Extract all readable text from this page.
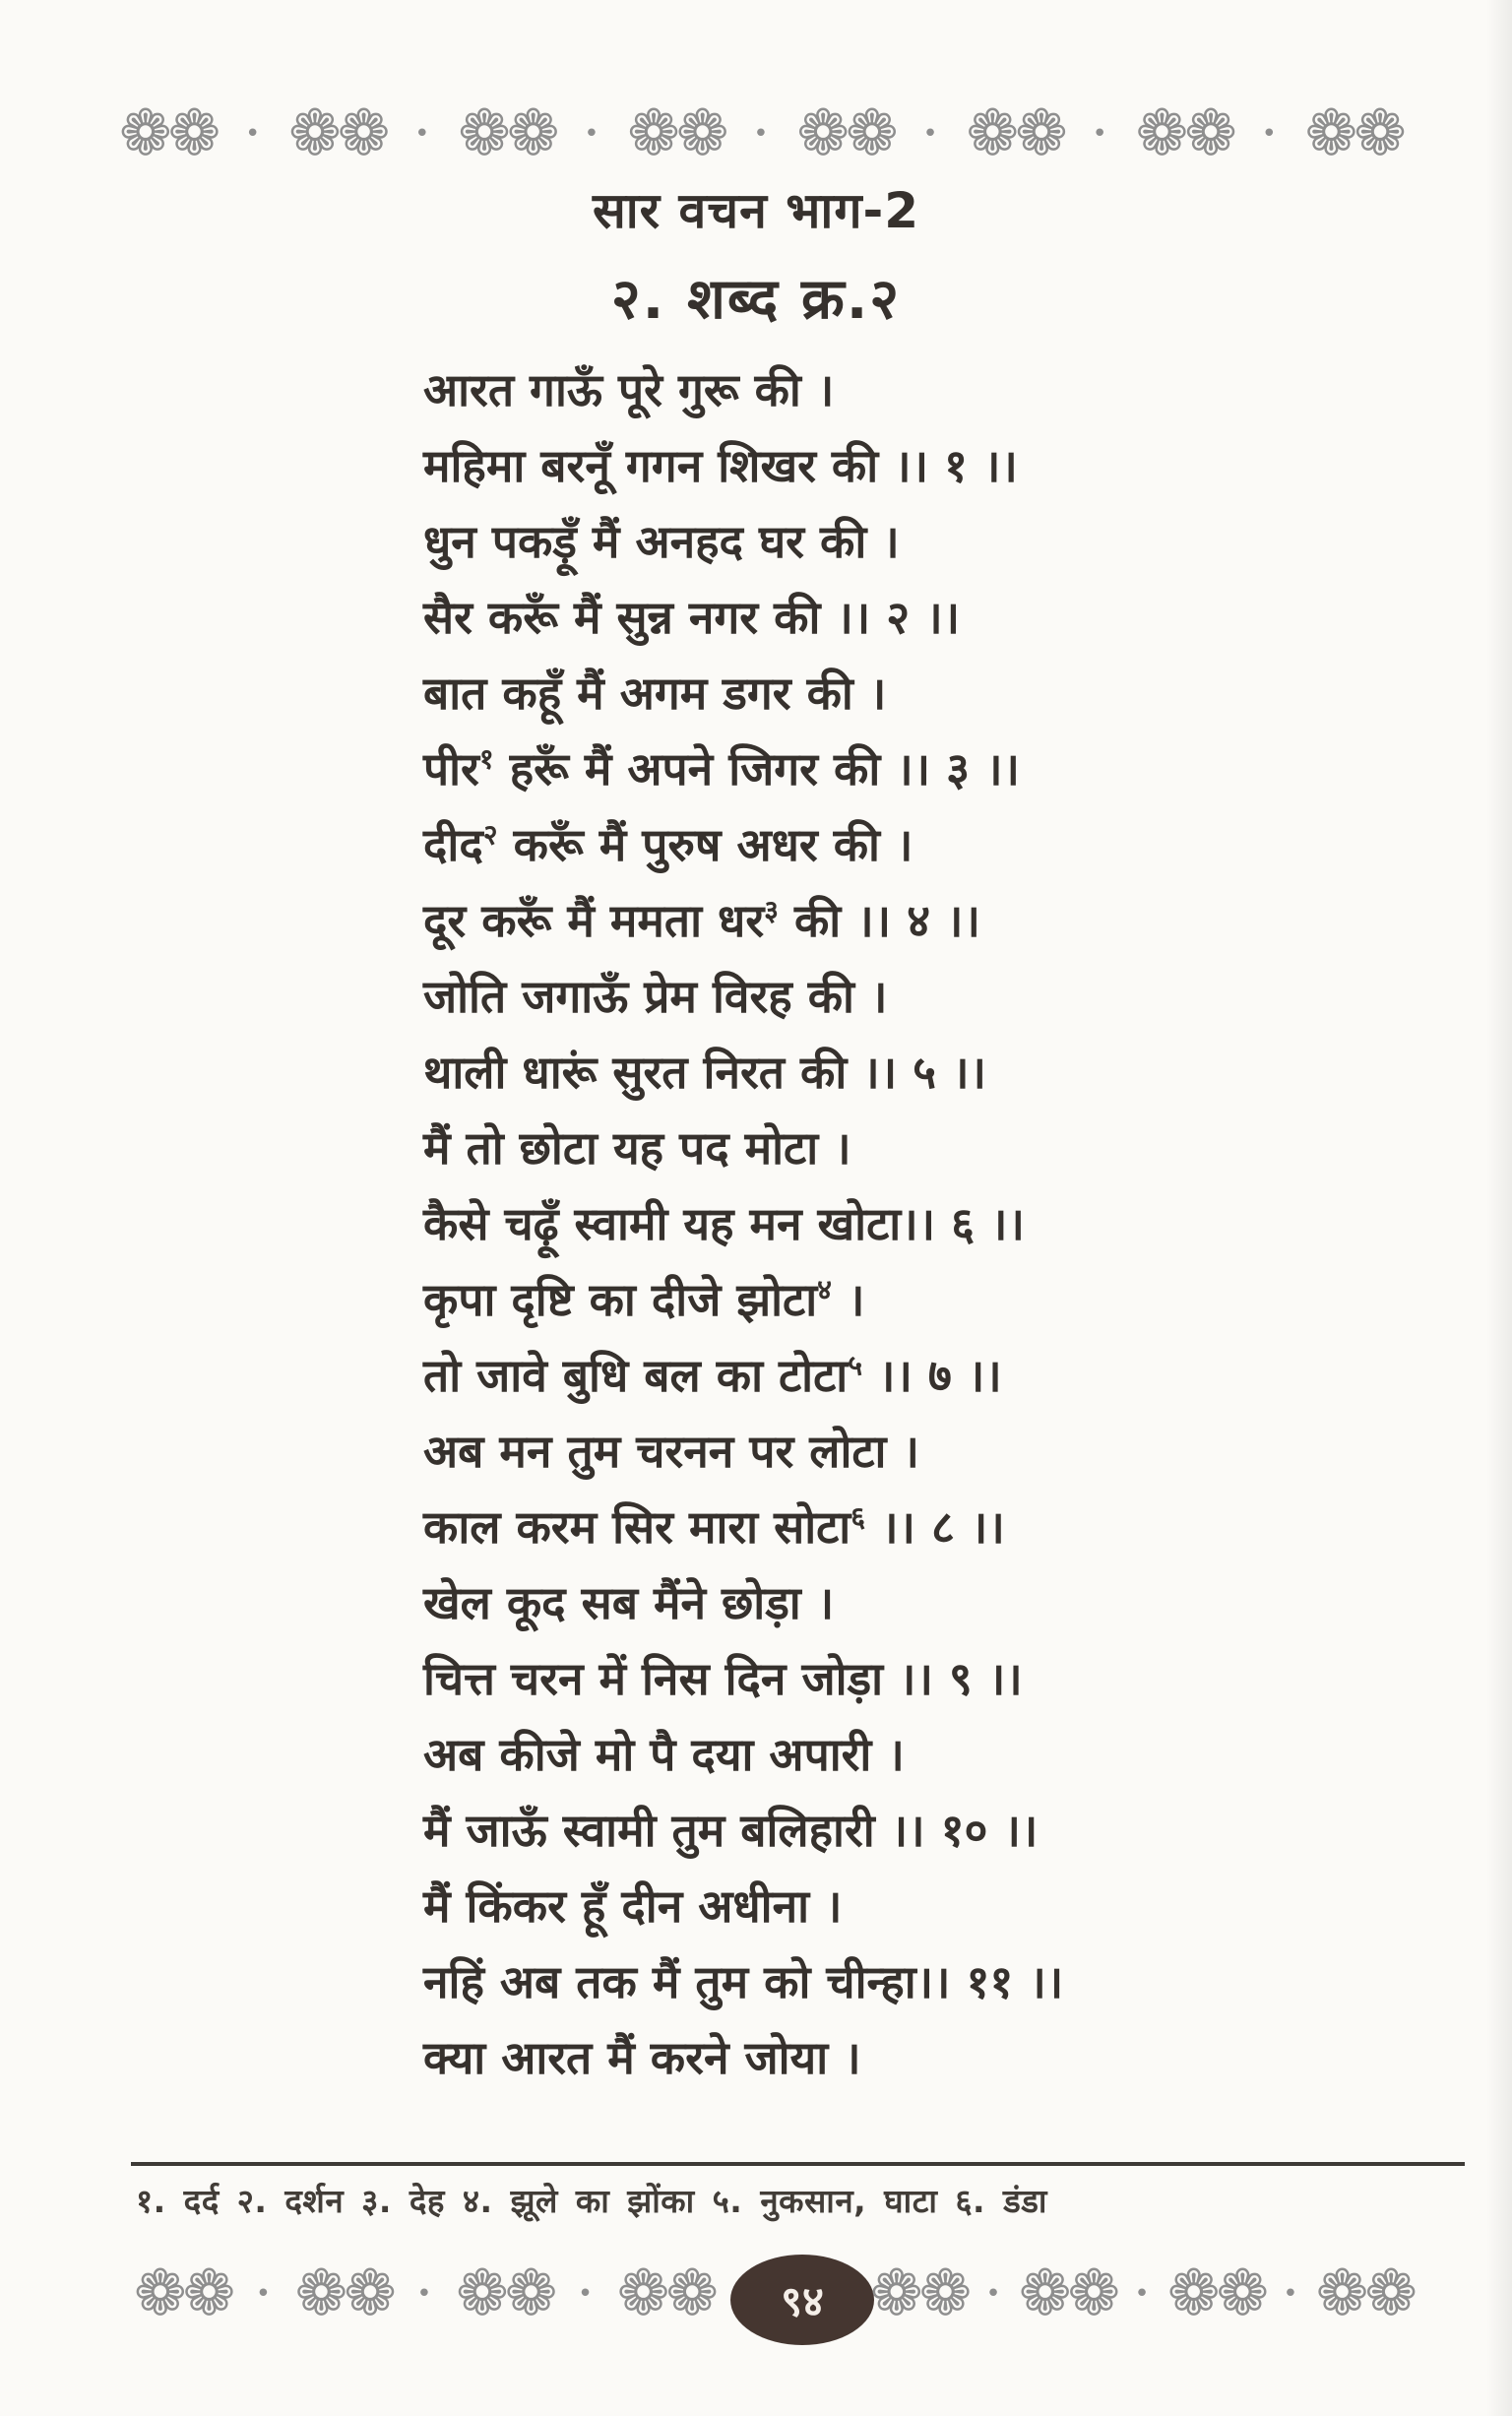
❁❁ • ❁❁ • ❁❁ • ❁❁ • ❁❁ • ❁❁ • ❁❁ • ❁❁
सार वचन भाग-2
२. शब्द क्र.२
आरत गाऊँ पूरे गुरू की ।
महिमा बरनूँ गगन शिखर की ।। १ ।।
धुन पकड़ूँ मैं अनहद घर की ।
सैर करूँ मैं सुन्न नगर की ।। २ ।।
बात कहूँ मैं अगम डगर की ।
पीर$^१$ हरूँ मैं अपने जिगर की ।। ३ ।।
दीद$^२$ करूँ मैं पुरुष अधर की ।
दूर करूँ मैं ममता धर$^३$ की ।। ४ ।।
जोति जगाऊँ प्रेम विरह की ।
थाली धारूं सुरत निरत की ।। ५ ।।
मैं तो छोटा यह पद मोटा ।
कैसे चढ़ूँ स्वामी यह मन खोटा।। ६ ।।
कृपा दृष्टि का दीजे झोटा$^४$ ।
तो जावे बुधि बल का टोटा$^५$ ।। ७ ।।
अब मन तुम चरनन पर लोटा ।
काल करम सिर मारा सोटा$^६$ ।। ८ ।।
खेल कूद सब मैंने छोड़ा ।
चित्त चरन में निस दिन जोड़ा ।। ९ ।।
अब कीजे मो पै दया अपारी ।
मैं जाऊँ स्वामी तुम बलिहारी ।। १० ।।
मैं किंकर हूँ दीन अधीना ।
नहिं अब तक मैं तुम को चीन्हा।। ११ ।।
क्या आरत मैं करने जोया ।
१. दर्द २. दर्शन ३. देह ४. झूले का झोंका ५. नुकसान, घाटा ६. डंडा
❁❁ • ❁❁ • ❁❁ • ❁❁ ९४ ❁❁ • ❁❁ • ❁❁ • ❁❁
